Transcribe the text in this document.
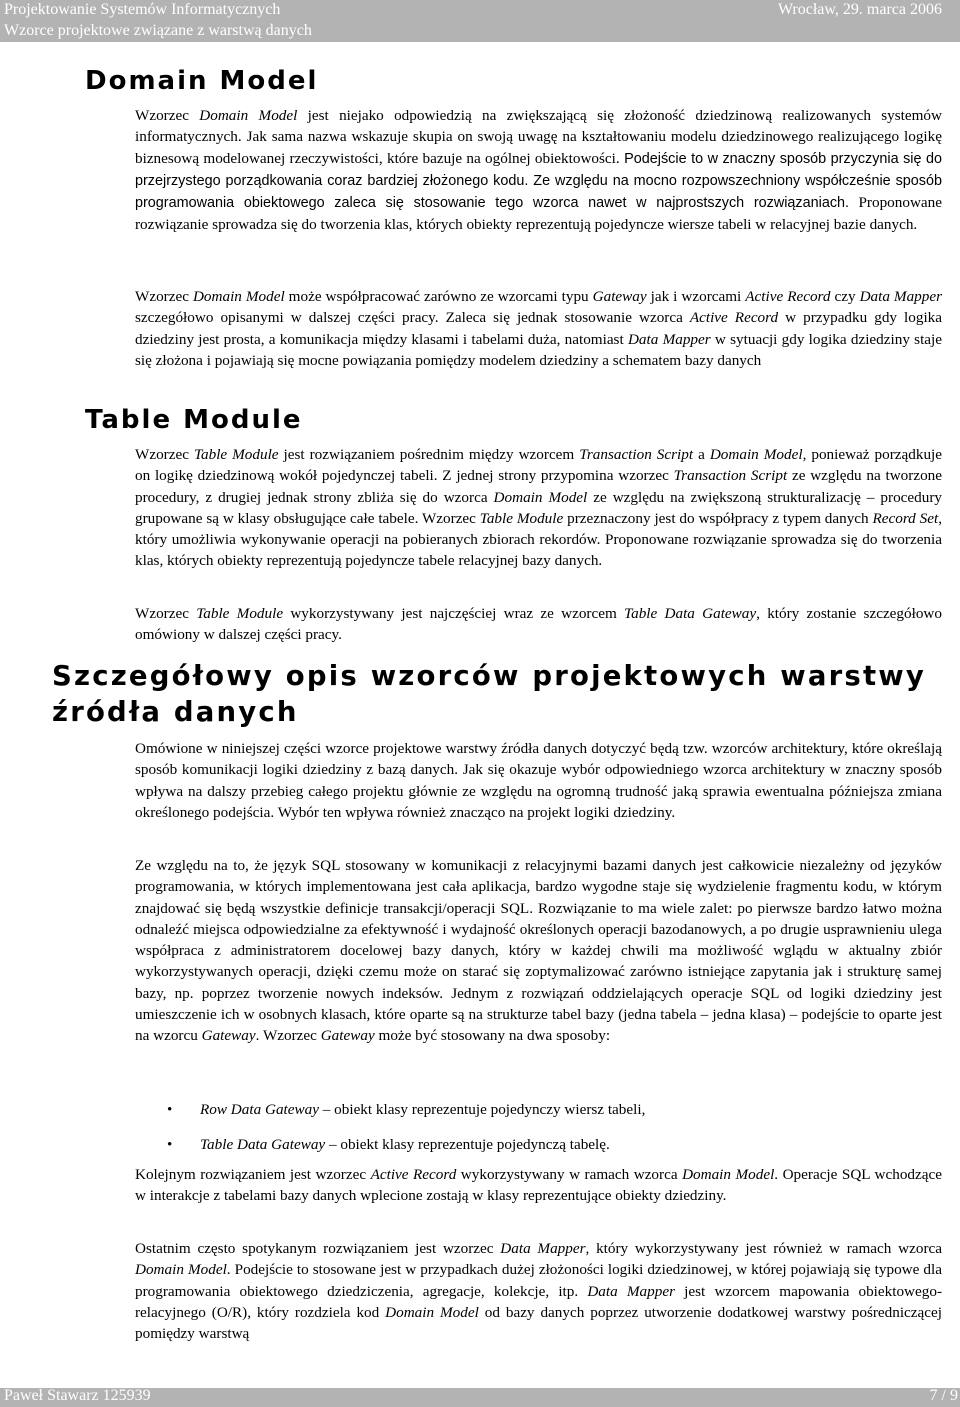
Projektowanie Systemów Informatycznych
Wzorce projektowe związane z warstwą danych
Wrocław, 29. marca 2006
Domain Model

Wzorzec Domain Model jest niejako odpowiedzią na zwiększającą się złożoność dziedzinową realizowanych systemów informatycznych. Jak sama nazwa wskazuje skupia on swoją uwagę na kształtowaniu modelu dziedzinowego realizującego logikę biznesową modelowanej rzeczywistości, które bazuje na ogólnej obiektowości. Podejście to w znaczny sposób przyczynia się do przejrzystego porządkowania coraz bardziej złożonego kodu. Ze względu na mocno rozpowszechniony współcześnie sposób programowania obiektowego zaleca się stosowanie tego wzorca nawet w najprostszych rozwiązaniach. Proponowane rozwiązanie sprowadza się do tworzenia klas, których obiekty reprezentują pojedyncze wiersze tabeli w relacyjnej bazie danych.

Wzorzec Domain Model może współpracować zarówno ze wzorcami typu Gateway jak i wzorcami Active Record czy Data Mapper szczegółowo opisanymi w dalszej części pracy. Zaleca się jednak stosowanie wzorca Active Record w przypadku gdy logika dziedziny jest prosta, a komunikacja między klasami i tabelami duża, natomiast Data Mapper w sytuacji gdy logika dziedziny staje się złożona i pojawiają się mocne powiązania pomiędzy modelem dziedziny a schematem bazy danych

Table Module

Wzorzec Table Module jest rozwiązaniem pośrednim między wzorcem Transaction Script a Domain Model, ponieważ porządkuje on logikę dziedzinową wokół pojedynczej tabeli. Z jednej strony przypomina wzorzec Transaction Script ze względu na tworzone procedury, z drugiej jednak strony zbliża się do wzorca Domain Model ze względu na zwiększoną strukturalizację – procedury grupowane są w klasy obsługujące całe tabele. Wzorzec Table Module przeznaczony jest do współpracy z typem danych Record Set, który umożliwia wykonywanie operacji na pobieranych zbiorach rekordów. Proponowane rozwiązanie sprowadza się do tworzenia klas, których obiekty reprezentują pojedyncze tabele relacyjnej bazy danych.

Wzorzec Table Module wykorzystywany jest najczęściej wraz ze wzorcem Table Data Gateway, który zostanie szczegółowo omówiony w dalszej części pracy.

Szczegółowy opis wzorców projektowych warstwy
źródła danych

Omówione w niniejszej części wzorce projektowe warstwy źródła danych dotyczyć będą tzw. wzorców architektury, które określają sposób komunikacji logiki dziedziny z bazą danych. Jak się okazuje wybór odpowiedniego wzorca architektury w znaczny sposób wpływa na dalszy przebieg całego projektu głównie ze względu na ogromną trudność jaką sprawia ewentualna późniejsza zmiana określonego podejścia. Wybór ten wpływa również znacząco na projekt logiki dziedziny.

Ze względu na to, że język SQL stosowany w komunikacji z relacyjnymi bazami danych jest całkowicie niezależny od języków programowania, w których implementowana jest cała aplikacja, bardzo wygodne staje się wydzielenie fragmentu kodu, w którym znajdować się będą wszystkie definicje transakcji/operacji SQL. Rozwiązanie to ma wiele zalet: po pierwsze bardzo łatwo można odnaleźć miejsca odpowiedzialne za efektywność i wydajność określonych operacji bazodanowych, a po drugie usprawnieniu ulega współpraca z administratorem docelowej bazy danych, który w każdej chwili ma możliwość wglądu w aktualny zbiór wykorzystywanych operacji, dzięki czemu może on starać się zoptymalizować zarówno istniejące zapytania jak i strukturę samej bazy, np. poprzez tworzenie nowych indeksów. Jednym z rozwiązań oddzielających operacje SQL od logiki dziedziny jest umieszczenie ich w osobnych klasach, które oparte są na strukturze tabel bazy (jedna tabela – jedna klasa) – podejście to oparte jest na wzorcu Gateway. Wzorzec Gateway może być stosowany na dwa sposoby:

• Row Data Gateway – obiekt klasy reprezentuje pojedynczy wiersz tabeli,
• Table Data Gateway – obiekt klasy reprezentuje pojedynczą tabelę.

Kolejnym rozwiązaniem jest wzorzec Active Record wykorzystywany w ramach wzorca Domain Model. Operacje SQL wchodzące w interakcje z tabelami bazy danych wplecione zostają w klasy reprezentujące obiekty dziedziny.

Ostatnim często spotykanym rozwiązaniem jest wzorzec Data Mapper, który wykorzystywany jest również w ramach wzorca Domain Model. Podejście to stosowane jest w przypadkach dużej złożoności logiki dziedzinowej, w której pojawiają się typowe dla programowania obiektowego dziedziczenia, agregacje, kolekcje, itp. Data Mapper jest wzorcem mapowania obiektowego-relacyjnego (O/R), który rozdziela kod Domain Model od bazy danych poprzez utworzenie dodatkowej warstwy pośredniczącej pomiędzy warstwą

Paweł Stawarz 125939	7 / 9
